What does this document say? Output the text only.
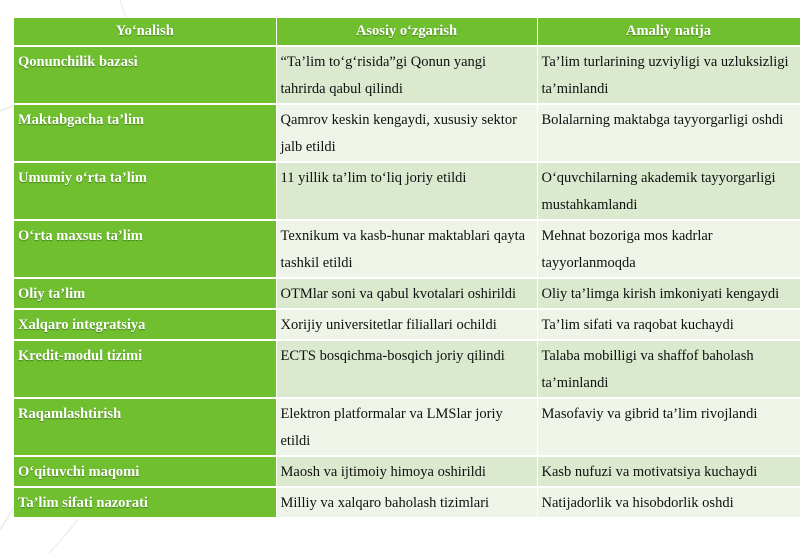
Yo‘nalish	Asosiy o‘zgarish	Amaliy natija
Qonunchilik bazasi	“Ta’lim to‘g‘risida”gi Qonun yangi tahrirda qabul qilindi	Ta’lim turlarining uzviyligi va uzluksizligi ta’minlandi
Maktabgacha ta’lim	Qamrov keskin kengaydi, xususiy sektor jalb etildi	Bolalarning maktabga tayyorgarligi oshdi
Umumiy o‘rta ta’lim	11 yillik ta’lim to‘liq joriy etildi	O‘quvchilarning akademik tayyorgarligi mustahkamlandi
O‘rta maxsus ta’lim	Texnikum va kasb-hunar maktablari qayta tashkil etildi	Mehnat bozoriga mos kadrlar tayyorlanmoqda
Oliy ta’lim	OTMlar soni va qabul kvotalari oshirildi	Oliy ta’limga kirish imkoniyati kengaydi
Xalqaro integratsiya	Xorijiy universitetlar filiallari ochildi	Ta’lim sifati va raqobat kuchaydi
Kredit-modul tizimi	ECTS bosqichma-bosqich joriy qilindi	Talaba mobilligi va shaffof baholash ta’minlandi
Raqamlashtirish	Elektron platformalar va LMSlar joriy etildi	Masofaviy va gibrid ta’lim rivojlandi
O‘qituvchi maqomi	Maosh va ijtimoiy himoya oshirildi	Kasb nufuzi va motivatsiya kuchaydi
Ta’lim sifati nazorati	Milliy va xalqaro baholash tizimlari	Natijadorlik va hisobdorlik oshdi
